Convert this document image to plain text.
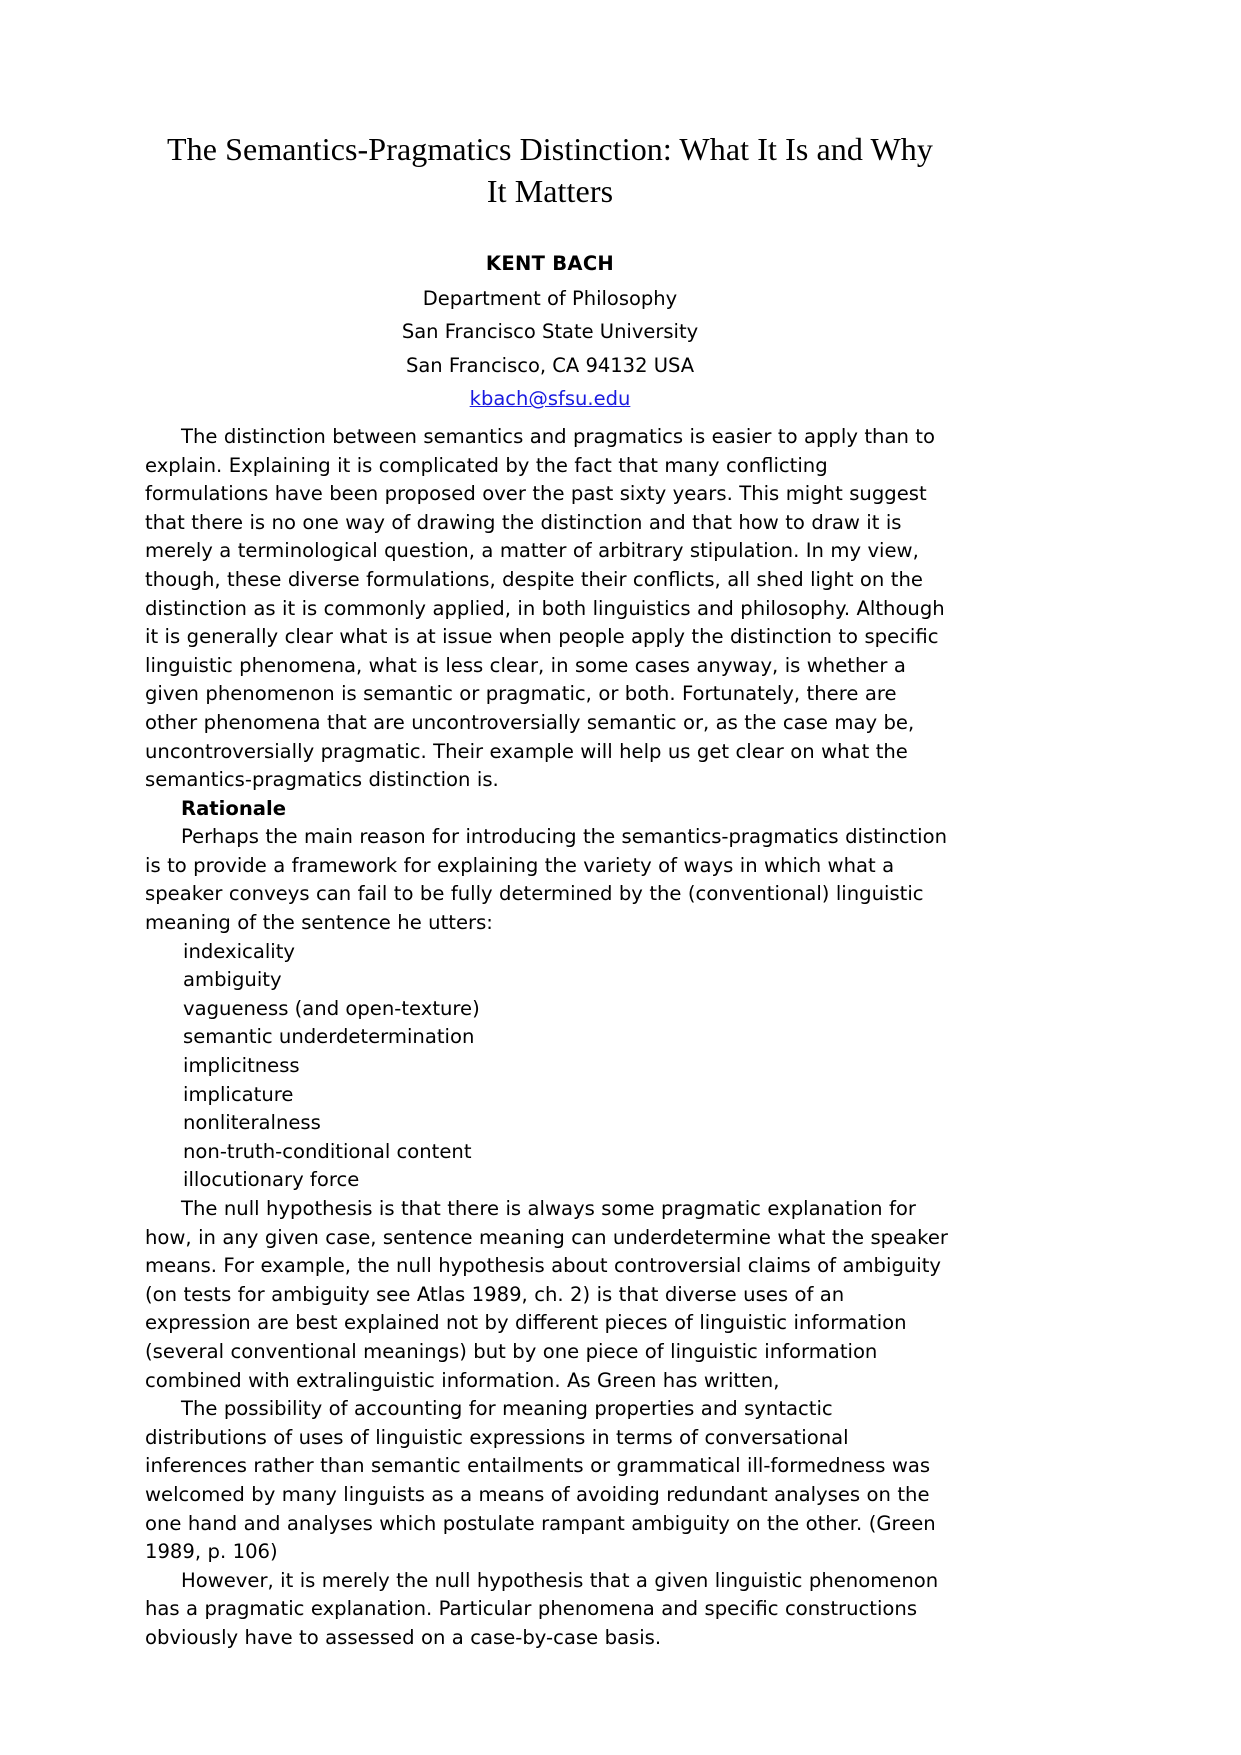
The Semantics-Pragmatics Distinction: What It Is and Why It Matters
KENT BACH
Department of Philosophy
San Francisco State University
San Francisco, CA 94132 USA
kbach@sfsu.edu

The distinction between semantics and pragmatics is easier to apply than to explain. Explaining it is complicated by the fact that many conflicting formulations have been proposed over the past sixty years. This might suggest that there is no one way of drawing the distinction and that how to draw it is merely a terminological question, a matter of arbitrary stipulation. In my view, though, these diverse formulations, despite their conflicts, all shed light on the distinction as it is commonly applied, in both linguistics and philosophy. Although it is generally clear what is at issue when people apply the distinction to specific linguistic phenomena, what is less clear, in some cases anyway, is whether a given phenomenon is semantic or pragmatic, or both. Fortunately, there are other phenomena that are uncontroversially semantic or, as the case may be, uncontroversially pragmatic. Their example will help us get clear on what the semantics-pragmatics distinction is.

Rationale

Perhaps the main reason for introducing the semantics-pragmatics distinction is to provide a framework for explaining the variety of ways in which what a speaker conveys can fail to be fully determined by the (conventional) linguistic meaning of the sentence he utters:

indexicality
ambiguity
vagueness (and open-texture)
semantic underdetermination
implicitness
implicature
nonliteralness
non-truth-conditional content
illocutionary force

The null hypothesis is that there is always some pragmatic explanation for how, in any given case, sentence meaning can underdetermine what the speaker means. For example, the null hypothesis about controversial claims of ambiguity (on tests for ambiguity see Atlas 1989, ch. 2) is that diverse uses of an expression are best explained not by different pieces of linguistic information (several conventional meanings) but by one piece of linguistic information combined with extralinguistic information. As Green has written,

The possibility of accounting for meaning properties and syntactic distributions of uses of linguistic expressions in terms of conversational inferences rather than semantic entailments or grammatical ill-formedness was welcomed by many linguists as a means of avoiding redundant analyses on the one hand and analyses which postulate rampant ambiguity on the other. (Green 1989, p. 106)

However, it is merely the null hypothesis that a given linguistic phenomenon has a pragmatic explanation. Particular phenomena and specific constructions obviously have to assessed on a case-by-case basis.
